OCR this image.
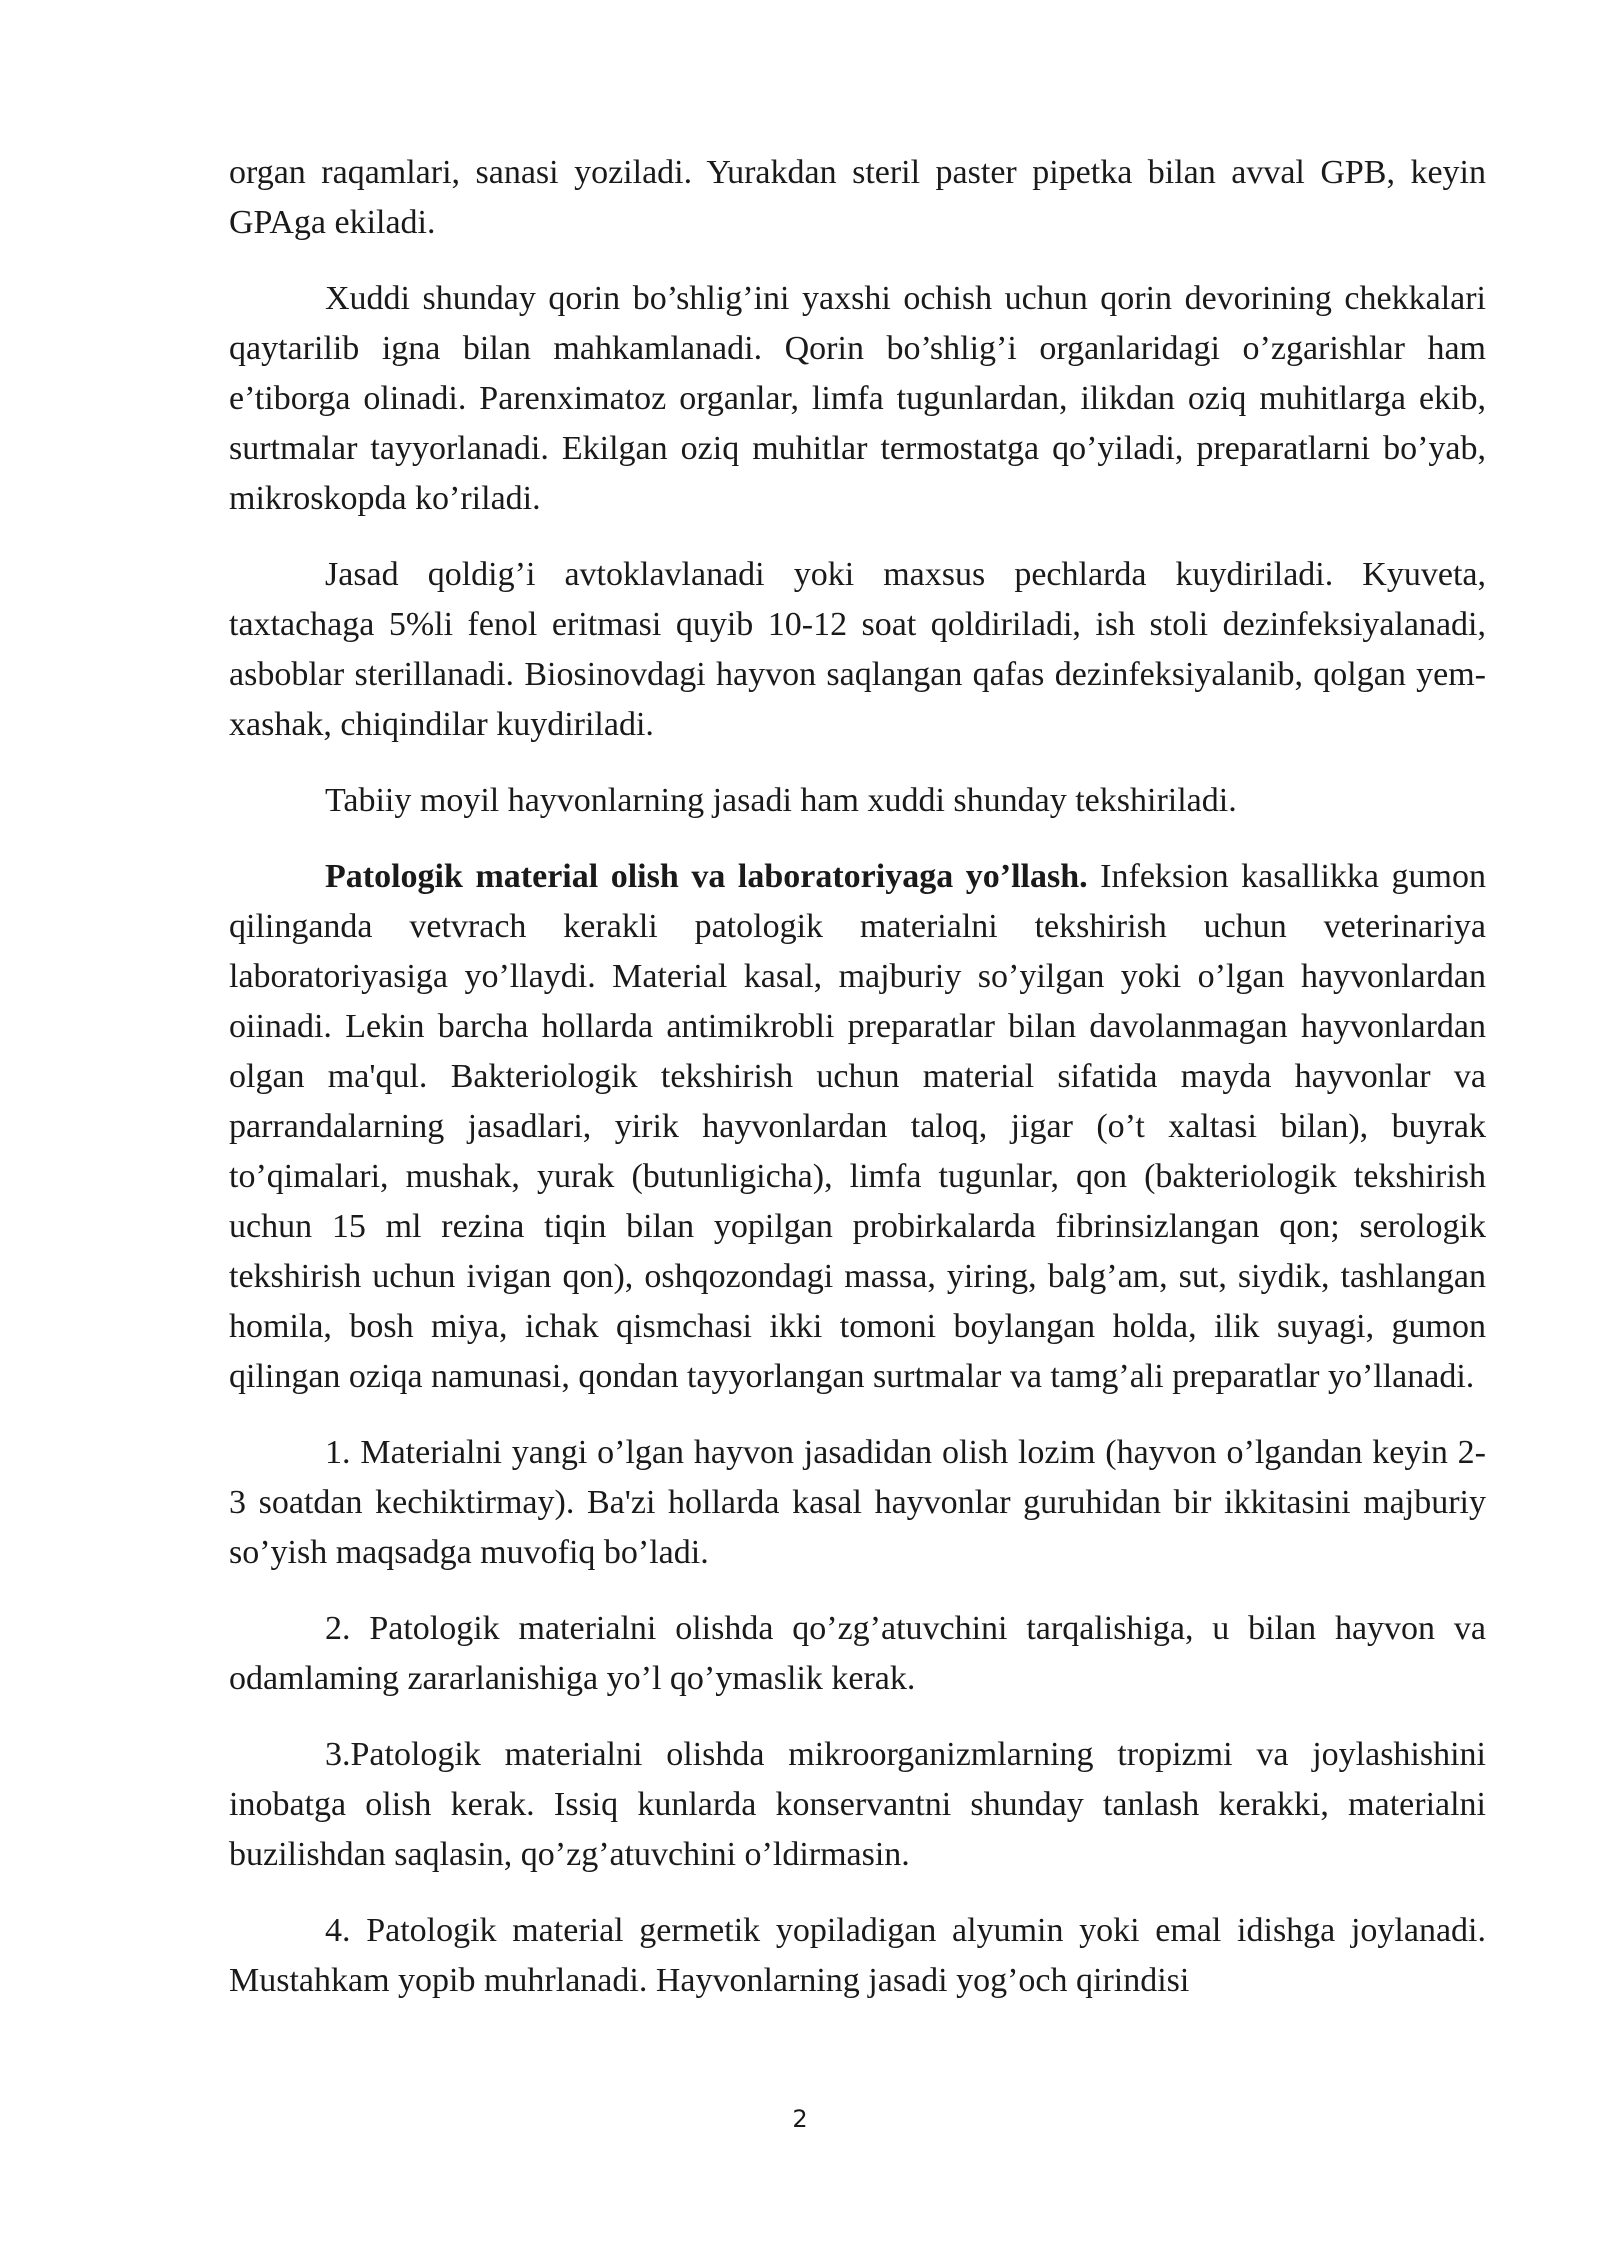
organ raqamlari, sanasi yoziladi. Yurakdan steril paster pipetka bilan avval GPB, keyin GPAga ekiladi.

Xuddi shunday qorin bo’shlig’ini yaxshi ochish uchun qorin devorining chekkalari qaytarilib igna bilan mahkamlanadi. Qorin bo’shlig’i organlaridagi o’zgarishlar ham e’tiborga olinadi. Parenximatoz organlar, limfa tugunlardan, ilikdan oziq muhitlarga ekib, surtmalar tayyorlanadi. Ekilgan oziq muhitlar termostatga qo’yiladi, preparatlarni bo’yab, mikroskopda ko’riladi.

Jasad qoldig’i avtoklavlanadi yoki maxsus pechlarda kuydiriladi. Kyuveta, taxtachaga 5%li fenol eritmasi quyib 10-12 soat qoldiriladi, ish stoli dezinfeksiyalanadi, asboblar sterillanadi. Biosinovdagi hayvon saqlangan qafas dezinfeksiyalanib, qolgan yem-xashak, chiqindilar kuydiriladi.

Tabiiy moyil hayvonlarning jasadi ham xuddi shunday tekshiriladi.

Patologik material olish va laboratoriyaga yo’llash. Infeksion kasallikka gumon qilinganda vetvrach kerakli patologik materialni tekshirish uchun veterinariya laboratoriyasiga yo’llaydi. Material kasal, majburiy so’yilgan yoki o’lgan hayvonlardan oiinadi. Lekin barcha hollarda antimikrobli preparatlar bilan davolanmagan hayvonlardan olgan ma'qul. Bakteriologik tekshirish uchun material sifatida mayda hayvonlar va parrandalarning jasadlari, yirik hayvonlardan taloq, jigar (o’t xaltasi bilan), buyrak to’qimalari, mushak, yurak (butunligicha), limfa tugunlar, qon (bakteriologik tekshirish uchun 15 ml rezina tiqin bilan yopilgan probirkalarda fibrinsizlangan qon; serologik tekshirish uchun ivigan qon), oshqozondagi massa, yiring, balg’am, sut, siydik, tashlangan homila, bosh miya, ichak qismchasi ikki tomoni boylangan holda, ilik suyagi, gumon qilingan oziqa namunasi, qondan tayyorlangan surtmalar va tamg’ali preparatlar yo’llanadi.

1. Materialni yangi o’lgan hayvon jasadidan olish lozim (hayvon o’lgandan keyin 2-3 soatdan kechiktirmay). Ba'zi hollarda kasal hayvonlar guruhidan bir ikkitasini majburiy so’yish maqsadga muvofiq bo’ladi.

2. Patologik materialni olishda qo’zg’atuvchini tarqalishiga, u bilan hayvon va odamlaming zararlanishiga yo’l qo’ymaslik kerak.

3.Patologik materialni olishda mikroorganizmlarning tropizmi va joylashishini inobatga olish kerak. Issiq kunlarda konservantni shunday tanlash kerakki, materialni buzilishdan saqlasin, qo’zg’atuvchini o’ldirmasin.

4. Patologik material germetik yopiladigan alyumin yoki emal idishga joylanadi. Mustahkam yopib muhrlanadi. Hayvonlarning jasadi yog’och qirindisi

2
